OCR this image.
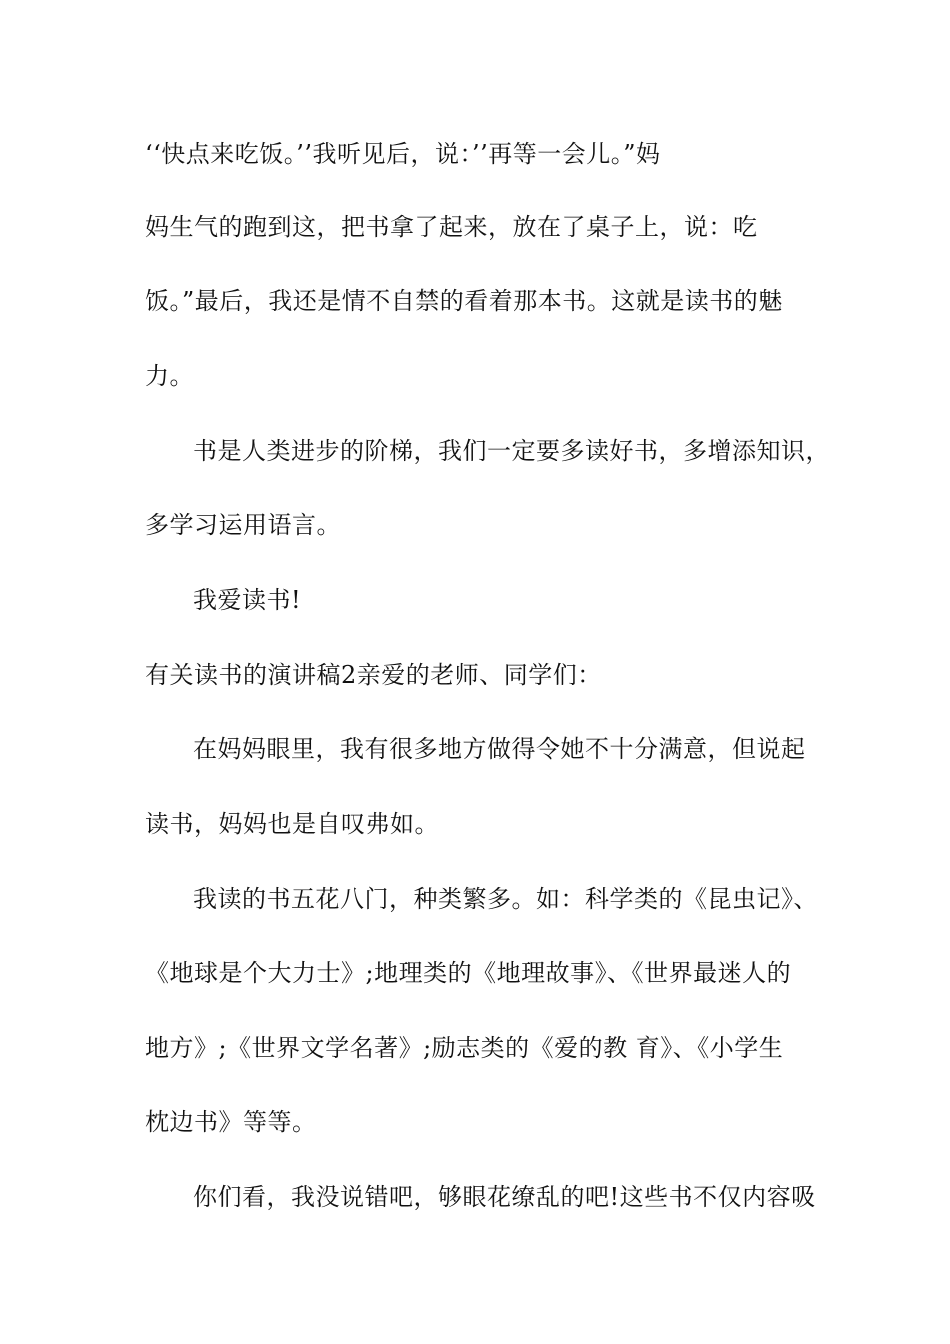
‘‘快点来吃饭。’’我听见后，说：’’再等一会儿。”妈
妈生气的跑到这，把书拿了起来，放在了桌子上，说：吃
饭。”最后，我还是情不自禁的看着那本书。这就是读书的魅
力。
书是人类进步的阶梯，我们一定要多读好书，多增添知识，
多学习运用语言。
我爱读书!
有关读书的演讲稿2亲爱的老师、同学们：
在妈妈眼里，我有很多地方做得令她不十分满意，但说起
读书，妈妈也是自叹弗如。
我读的书五花八门，种类繁多。如：科学类的《昆虫记》、
《地球是个大力士》;地理类的《地理故事》、《世界最迷人的
地方》;《世界文学名著》;励志类的《爱的教 育》、《小学生
枕边书》等等。
你们看，我没说错吧，够眼花缭乱的吧!这些书不仅内容吸
